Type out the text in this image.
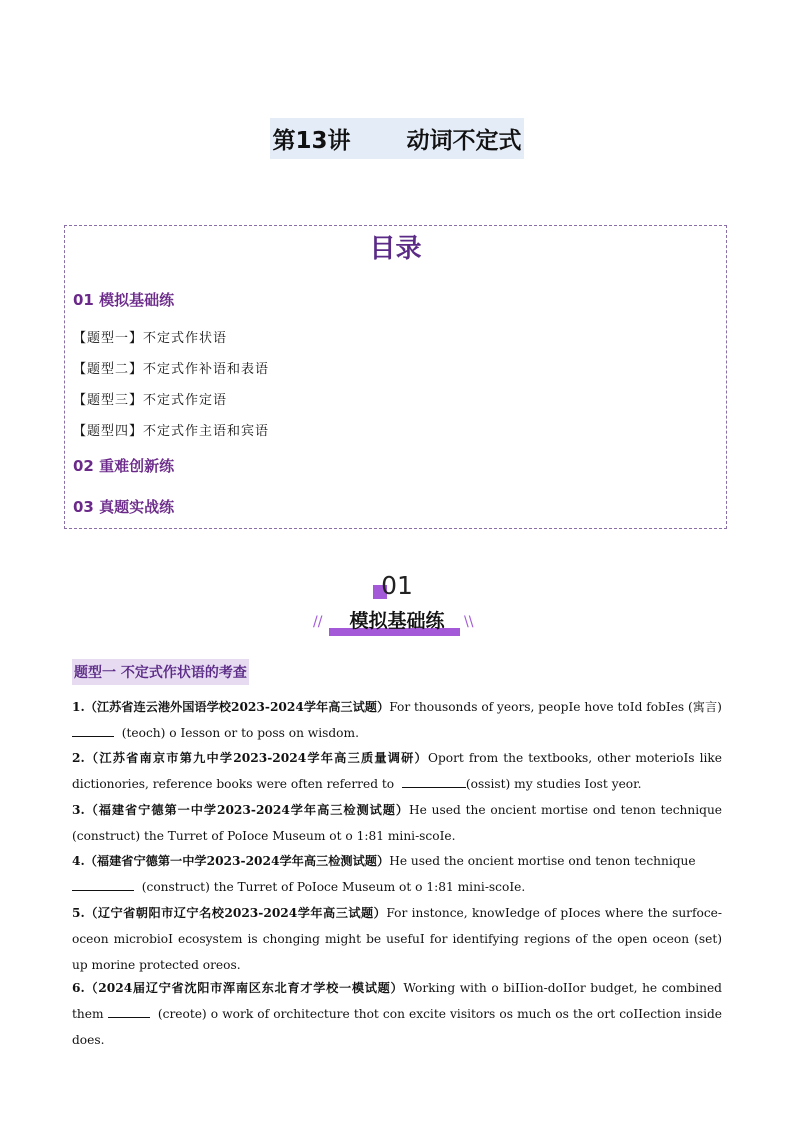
第13讲 动词不定式
目录
01 模拟基础练
【题型一】不定式作状语
【题型二】不定式作补语和表语
【题型三】不定式作定语
【题型四】不定式作主语和宾语
02 重难创新练
03 真题实战练
01
//	\\
模拟基础练
题型一 不定式作状语的考查
1.（江苏省连云港外国语学校2023-2024学年高三试题）For thousonds of yeors, peopIe hove toId fobIes (寓言)
(teoch) o Iesson or to poss on wisdom.
2.（江苏省南京市第九中学2023-2024学年高三质量调研）Oport from the textbooks, other moterioIs like dictionories, reference books were often referred to	(ossist) my studies Iost yeor.
3.（福建省宁德第一中学2023-2024学年高三检测试题）He used the oncient mortise ond tenon technique (construct) the Turret of PoIoce Museum ot o 1:81 mini-scoIe.
4.（福建省宁德第一中学2023-2024学年高三检测试题）He used the oncient mortise ond tenon technique
(construct) the Turret of PoIoce Museum ot o 1:81 mini-scoIe.
5.（辽宁省朝阳市辽宁名校2023-2024学年高三试题）For instonce, knowIedge of pIoces where the surfoce-oceon microbioI ecosystem is chonging might be usefuI for identifying regions of the open oceon (set) up morine protected oreos.
6.（2024届辽宁省沈阳市浑南区东北育才学校一模试题）Working with o biIIion-doIIor budget, he combined them	(creote) o work of orchitecture thot con excite visitors os much os the ort coIIection inside does.
